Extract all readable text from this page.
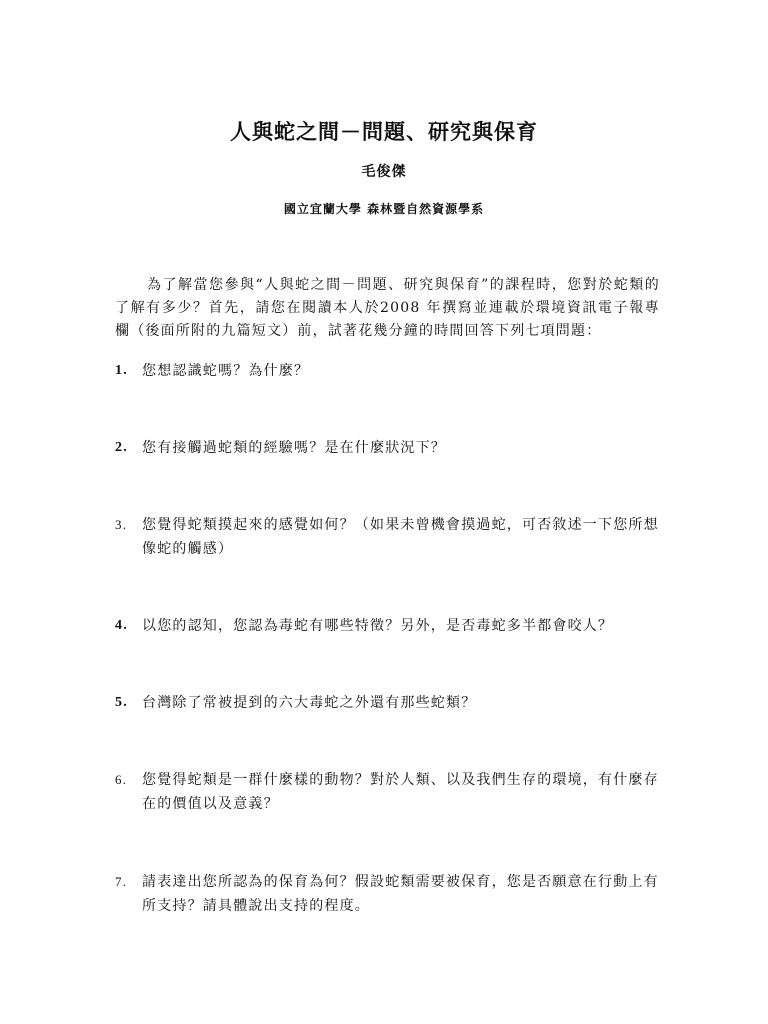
人與蛇之間－問題、研究與保育
毛俊傑
國立宜蘭大學 森林暨自然資源學系

為了解當您參與“人與蛇之間－問題、研究與保育”的課程時，您對於蛇類的了解有多少？首先，請您在閱讀本人於2008 年撰寫並連載於環境資訊電子報專欄（後面所附的九篇短文）前，試著花幾分鐘的時間回答下列七項問題：

1.	您想認識蛇嗎？為什麼？
2.	您有接觸過蛇類的經驗嗎？是在什麼狀況下？
3.	您覺得蛇類摸起來的感覺如何？（如果未曾機會摸過蛇，可否敘述一下您所想像蛇的觸感）
4.	以您的認知，您認為毒蛇有哪些特徵？另外，是否毒蛇多半都會咬人？
5.	台灣除了常被提到的六大毒蛇之外還有那些蛇類？
6.	您覺得蛇類是一群什麼樣的動物？對於人類、以及我們生存的環境，有什麼存在的價值以及意義？
7.	請表達出您所認為的保育為何？假設蛇類需要被保育，您是否願意在行動上有所支持？請具體說出支持的程度。
